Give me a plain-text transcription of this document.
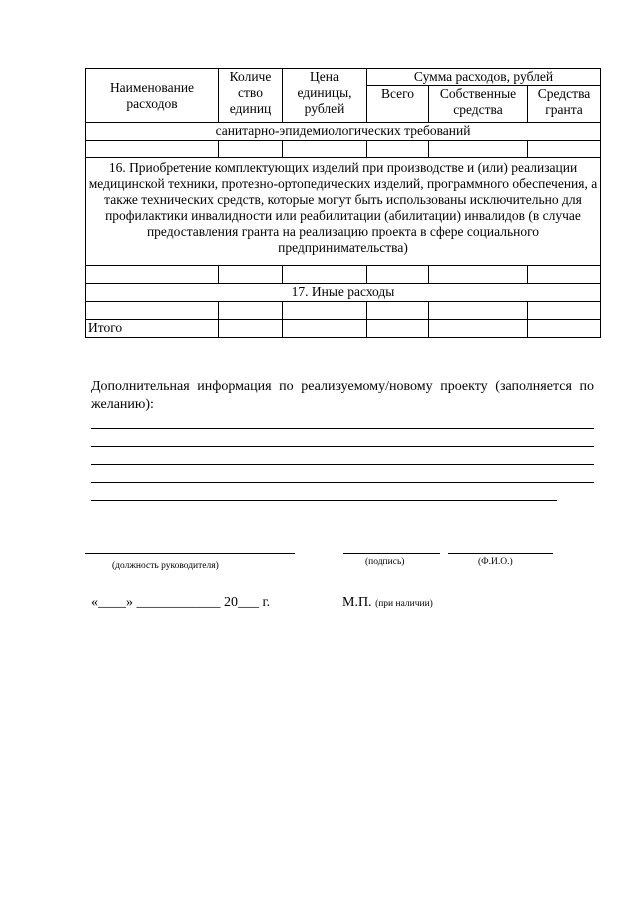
Наименование расходов	Количе ство единиц	Цена единицы, рублей	Сумма расходов, рублей		
			Всего	Собственные средства	Средства гранта
санитарно-эпидемиологических требований					

16. Приобретение комплектующих изделий при производстве и (или) реализации медицинской техники, протезно-ортопедических изделий, программного обеспечения, а также технических средств, которые могут быть использованы исключительно для профилактики инвалидности или реабилитации (абилитации) инвалидов (в случае предоставления гранта на реализацию проекта в сфере социального предпринимательства)					

17. Иные расходы					

Итого					
Дополнительная информация по реализуемому/новому проекту (заполняется по желанию):
(должность руководителя)	(подпись)	(Ф.И.О.)
«____» ____________ 20___ г.	М.П. (при наличии)
